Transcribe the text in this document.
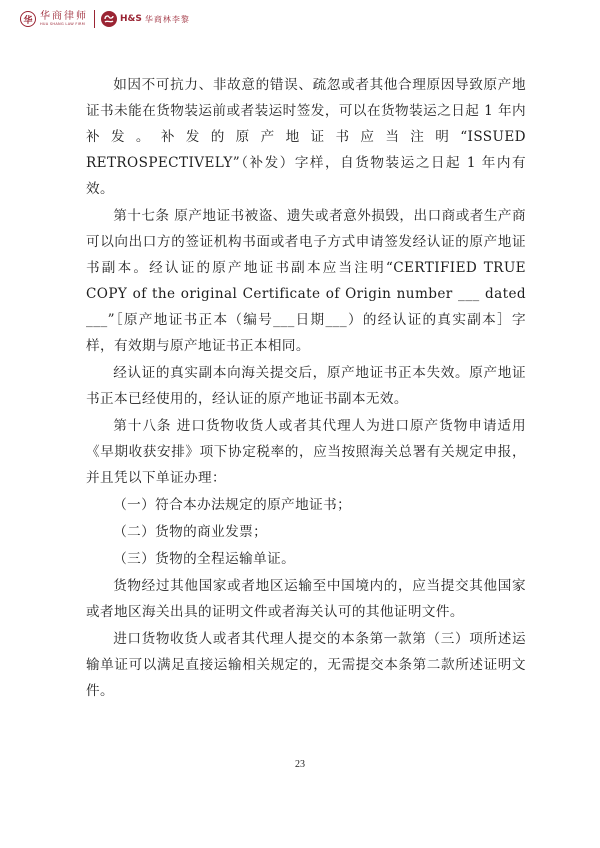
华 华商律师
HUA SHANG LAW FIRM	H&S 华商林李黎

如因不可抗力、非故意的错误、疏忽或者其他合理原因导致原产地证书未能在货物装运前或者装运时签发，可以在货物装运之日起 1 年内补发。补发的原产地证书应当注明“ISSUED RETROSPECTIVELY”（补发）字样，自货物装运之日起 1 年内有效。

第十七条 原产地证书被盗、遗失或者意外损毁，出口商或者生产商可以向出口方的签证机构书面或者电子方式申请签发经认证的原产地证书副本。经认证的原产地证书副本应当注明“CERTIFIED TRUE COPY of the original Certificate of Origin number ___ dated ___”［原产地证书正本（编号___日期___）的经认证的真实副本］字样，有效期与原产地证书正本相同。

经认证的真实副本向海关提交后，原产地证书正本失效。原产地证书正本已经使用的，经认证的原产地证书副本无效。

第十八条 进口货物收货人或者其代理人为进口原产货物申请适用《早期收获安排》项下协定税率的，应当按照海关总署有关规定申报，并且凭以下单证办理：

（一）符合本办法规定的原产地证书；

（二）货物的商业发票；

（三）货物的全程运输单证。

货物经过其他国家或者地区运输至中国境内的，应当提交其他国家或者地区海关出具的证明文件或者海关认可的其他证明文件。

进口货物收货人或者其代理人提交的本条第一款第（三）项所述运输单证可以满足直接运输相关规定的，无需提交本条第二款所述证明文件。

23
